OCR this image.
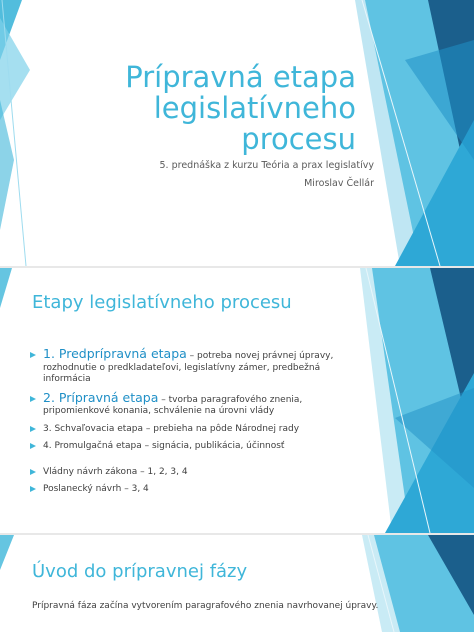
Prípravná etapa legislatívneho procesu
5. prednáška z kurzu Teória a prax legislatívy
Miroslav Čellár
Etapy legislatívneho procesu
1. Predprípravná etapa – potreba novej právnej úpravy, rozhodnutie o predkladateľovi, legislatívny zámer, predbežná informácia
2. Prípravná etapa – tvorba paragrafového znenia, pripomienkové konania, schválenie na úrovni vlády
3. Schvaľovacia etapa – prebieha na pôde Národnej rady
4. Promulgačná etapa – signácia, publikácia, účinnosť
Vládny návrh zákona – 1, 2, 3, 4
Poslanecký návrh – 3, 4
Úvod do prípravnej fázy
Prípravná fáza začína vytvorením paragrafového znenia navrhovanej úpravy.
